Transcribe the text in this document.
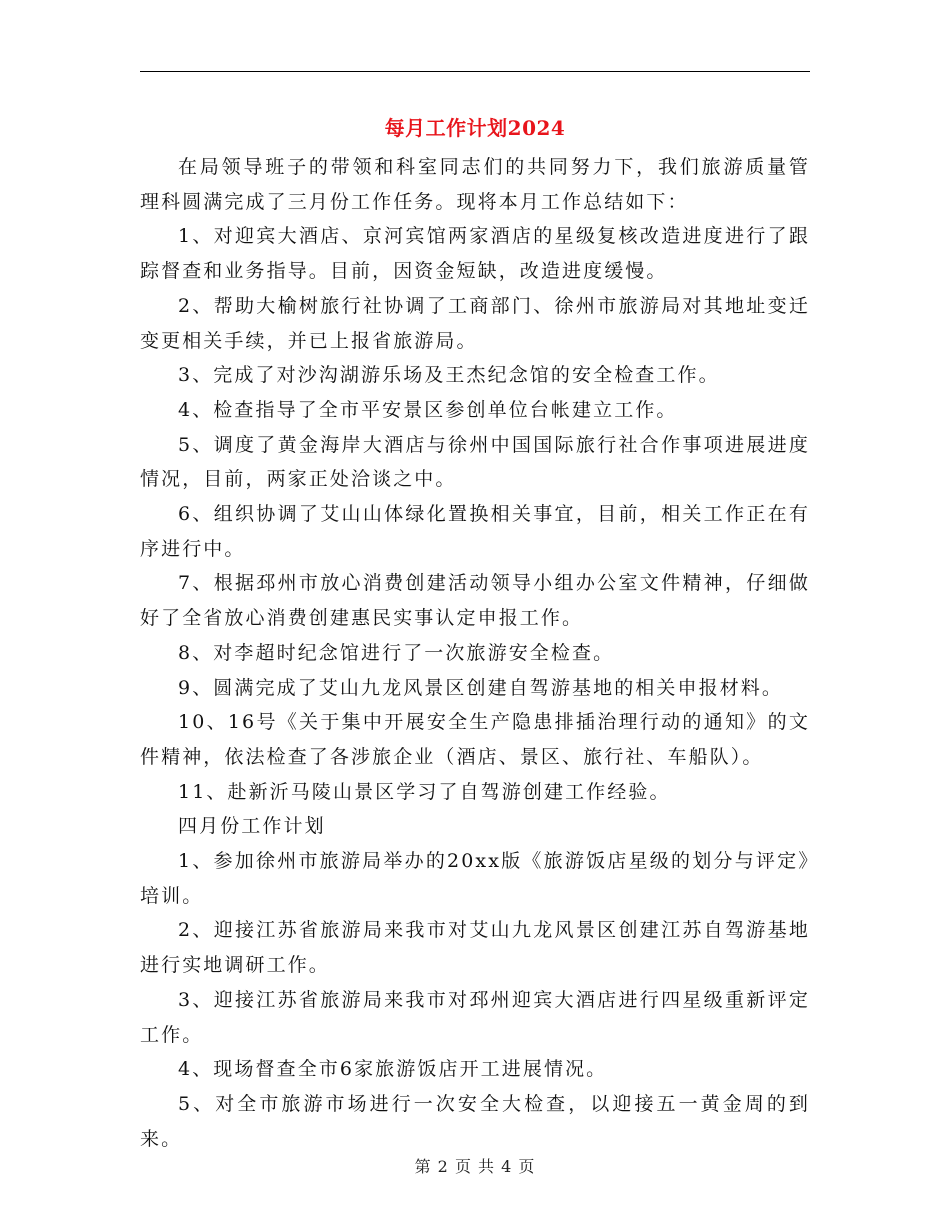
每月工作计划2024

在局领导班子的带领和科室同志们的共同努力下，我们旅游质量管理科圆满完成了三月份工作任务。现将本月工作总结如下：

1、对迎宾大酒店、京河宾馆两家酒店的星级复核改造进度进行了跟踪督查和业务指导。目前，因资金短缺，改造进度缓慢。

2、帮助大榆树旅行社协调了工商部门、徐州市旅游局对其地址变迁变更相关手续，并已上报省旅游局。

3、完成了对沙沟湖游乐场及王杰纪念馆的安全检查工作。

4、检查指导了全市平安景区参创单位台帐建立工作。

5、调度了黄金海岸大酒店与徐州中国国际旅行社合作事项进展进度情况，目前，两家正处洽谈之中。

6、组织协调了艾山山体绿化置换相关事宜，目前，相关工作正在有序进行中。

7、根据邳州市放心消费创建活动领导小组办公室文件精神，仔细做好了全省放心消费创建惠民实事认定申报工作。

8、对李超时纪念馆进行了一次旅游安全检查。

9、圆满完成了艾山九龙风景区创建自驾游基地的相关申报材料。

10、16号《关于集中开展安全生产隐患排插治理行动的通知》的文件精神，依法检查了各涉旅企业（酒店、景区、旅行社、车船队）。

11、赴新沂马陵山景区学习了自驾游创建工作经验。

四月份工作计划

1、参加徐州市旅游局举办的20xx版《旅游饭店星级的划分与评定》培训。

2、迎接江苏省旅游局来我市对艾山九龙风景区创建江苏自驾游基地进行实地调研工作。

3、迎接江苏省旅游局来我市对邳州迎宾大酒店进行四星级重新评定工作。

4、现场督查全市6家旅游饭店开工进展情况。

5、对全市旅游市场进行一次安全大检查，以迎接五一黄金周的到来。

第 2 页 共 4 页
